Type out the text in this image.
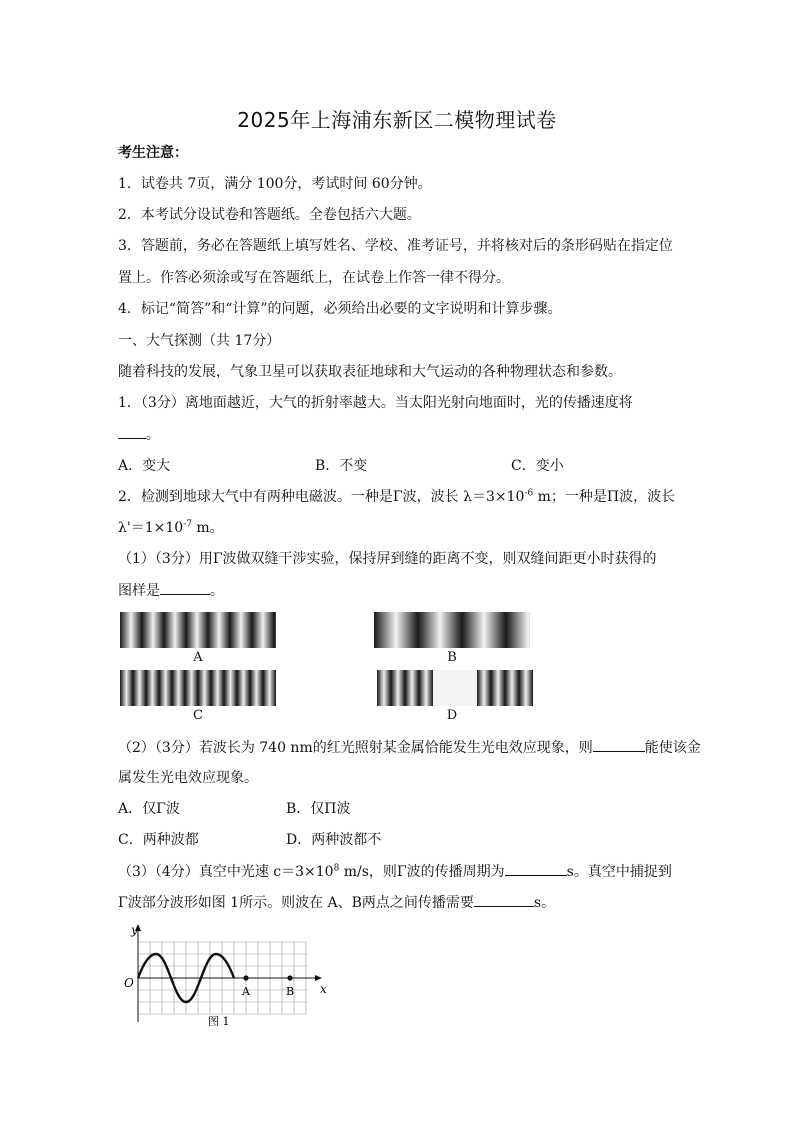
2025年上海浦东新区二模物理试卷
考生注意：
1．试卷共 7页，满分 100分，考试时间 60分钟。
2．本考试分设试卷和答题纸。全卷包括六大题。
3．答题前，务必在答题纸上填写姓名、学校、准考证号，并将核对后的条形码贴在指定位
置上。作答必须涂或写在答题纸上，在试卷上作答一律不得分。
4．标记“简答”和“计算”的问题，必须给出必要的文字说明和计算步骤。
一、大气探测（共 17分）
随着科技的发展，气象卫星可以获取表征地球和大气运动的各种物理状态和参数。
1．（3分）离地面越近，大气的折射率越大。当太阳光射向地面时，光的传播速度将
。
A．变大	B．不变	C．变小
2．检测到地球大气中有两种电磁波。一种是Γ波，波长 $\lambda=3\times 10^{-6}$ m；一种是Π波，波长
$\lambda'=1\times 10^{-7}$ m。
（1）（3分）用Γ波做双缝干涉实验，保持屏到缝的距离不变，则双缝间距更小时获得的
图样是	。
A	B
C	D
（2）（3分）若波长为 740 nm的红光照射某金属恰能发生光电效应现象，则	能使该金
属发生光电效应现象。
A．仅Γ波	B．仅Π波
C．两种波都	D．两种波都不
（3）（4分）真空中光速 $c=3\times 10^8$ m/s，则Γ波的传播周期为	s。真空中捕捉到
Γ波部分波形如图 1所示。则波在 A、B两点之间传播需要	s。
y
x
O
A	B
图 1
